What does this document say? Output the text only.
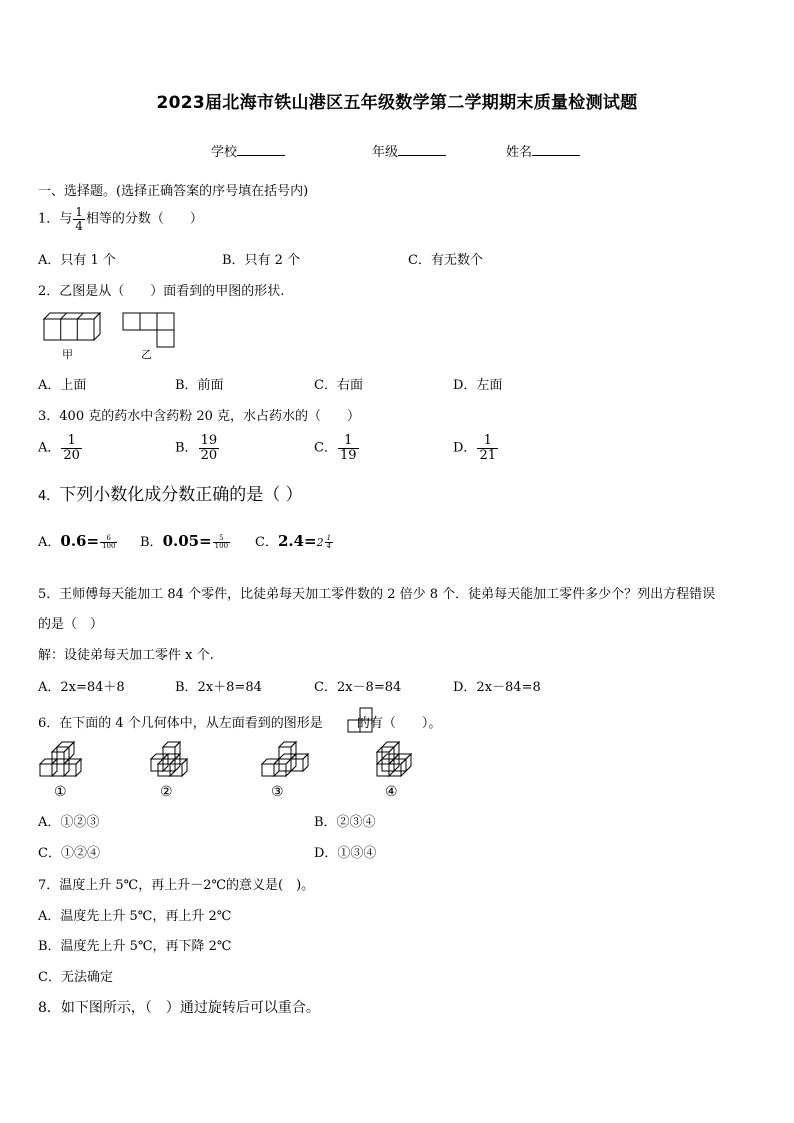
2023届北海市铁山港区五年级数学第二学期期末质量检测试题
学校	年级	姓名
一、选择题。(选择正确答案的序号填在括号内)
1．与 $\frac{1}{4}$ 相等的分数（　　）
A．只有 1 个	B．只有 2 个	C．有无数个
2．乙图是从（　　）面看到的甲图的形状.
甲	乙
A．上面	B．前面	C．右面	D．左面
3．400 克的药水中含药粉 20 克，水占药水的（　　）
A． $\frac{1}{20}$	B． $\frac{19}{20}$	C． $\frac{1}{19}$	D． $\frac{1}{21}$
4．下列小数化成分数正确的是（ ）
A．$0.6= \frac{6}{100}$ B．$0.05= \frac{5}{100}$ C．$2.4=2 \frac{1}{4}$
5．王师傅每天能加工 84 个零件，比徒弟每天加工零件数的 2 倍少 8 个．徒弟每天能加工零件多少个？列出方程错误
的是（　）
解：设徒弟每天加工零件 x 个.
A．2x=84＋8	B．2x＋8=84	C．2x－8=84	D．2x－84=8
6．在下面的 4 个几何体中，从左面看到的图形是	的有（　　）。
①	②	③	④
A．①②③	B．②③④
C．①②④	D．①③④
7．温度上升 5℃，再上升－2℃的意义是(　)。
A．温度先上升 5℃，再上升 2℃
B．温度先上升 5℃，再下降 2℃
C．无法确定
8．如下图所示，（　）通过旋转后可以重合。
